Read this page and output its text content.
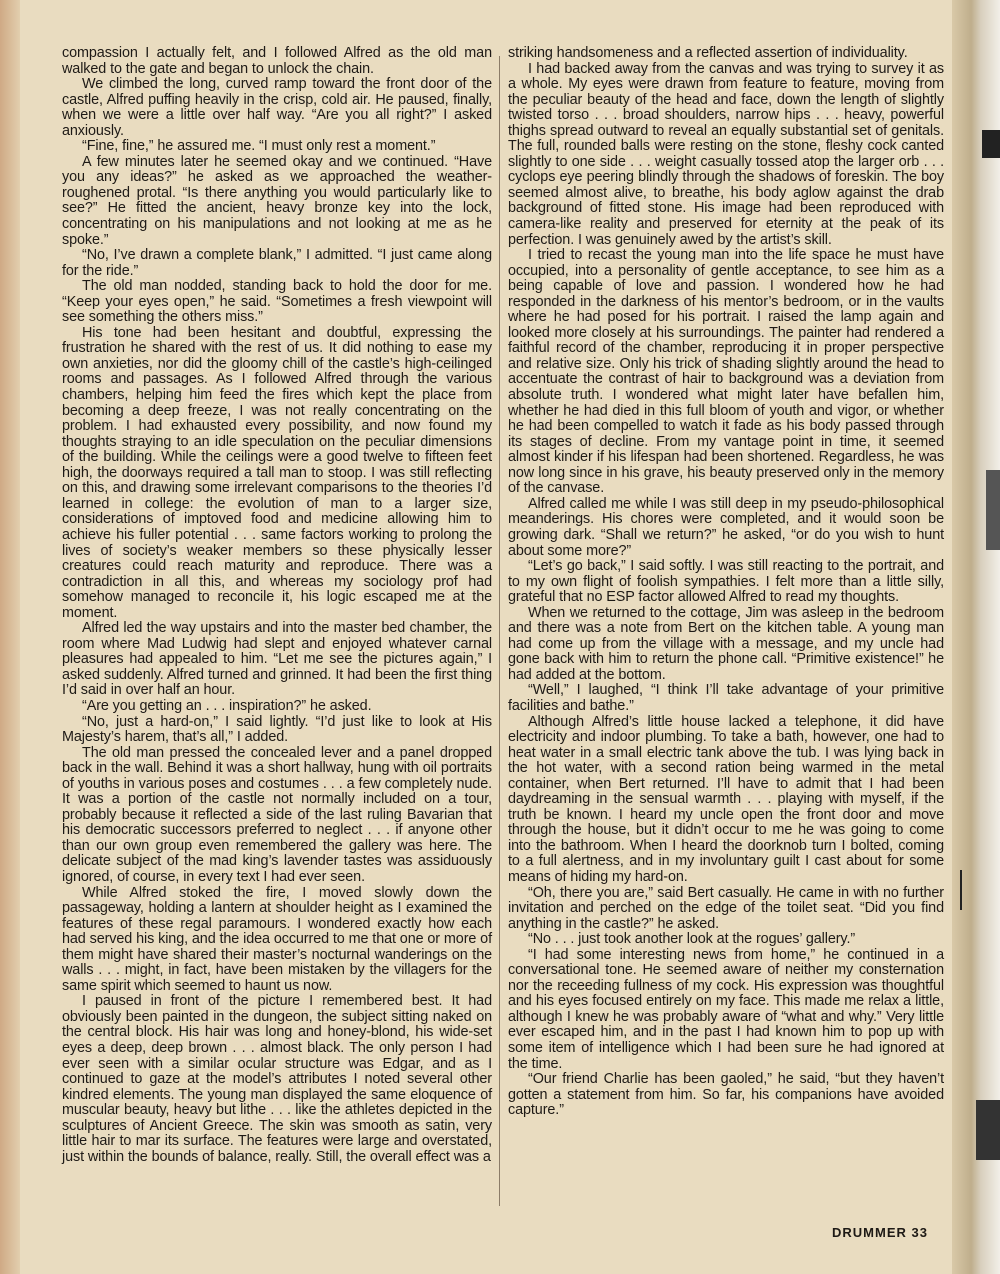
compassion I actually felt, and I followed Alfred as the old man walked to the gate and began to unlock the chain.

We climbed the long, curved ramp toward the front door of the castle, Alfred puffing heavily in the crisp, cold air. He paused, finally, when we were a little over half way. “Are you all right?” I asked anxiously.

“Fine, fine,” he assured me. “I must only rest a moment.”

A few minutes later he seemed okay and we continued. “Have you any ideas?” he asked as we approached the weather-roughened protal. “Is there anything you would particularly like to see?” He fitted the ancient, heavy bronze key into the lock, concentrating on his manipulations and not looking at me as he spoke.”

“No, I’ve drawn a complete blank,” I admitted. “I just came along for the ride.”

The old man nodded, standing back to hold the door for me. “Keep your eyes open,” he said. “Sometimes a fresh viewpoint will see something the others miss.”

His tone had been hesitant and doubtful, expressing the frustration he shared with the rest of us. It did nothing to ease my own anxieties, nor did the gloomy chill of the castle’s high-ceilinged rooms and passages. As I followed Alfred through the various chambers, helping him feed the fires which kept the place from becoming a deep freeze, I was not really concentrating on the problem. I had exhausted every possibility, and now found my thoughts straying to an idle speculation on the peculiar dimensions of the building. While the ceilings were a good twelve to fifteen feet high, the doorways required a tall man to stoop. I was still reflecting on this, and drawing some irrelevant comparisons to the theories I’d learned in college: the evolution of man to a larger size, considerations of imptoved food and medicine allowing him to achieve his fuller potential . . . same factors working to prolong the lives of society’s weaker members so these physically lesser creatures could reach maturity and reproduce. There was a contradiction in all this, and whereas my sociology prof had somehow managed to reconcile it, his logic escaped me at the moment.

Alfred led the way upstairs and into the master bed chamber, the room where Mad Ludwig had slept and enjoyed whatever carnal pleasures had appealed to him. “Let me see the pictures again,” I asked suddenly. Alfred turned and grinned. It had been the first thing I’d said in over half an hour.

“Are you getting an . . . inspiration?” he asked.

“No, just a hard-on,” I said lightly. “I’d just like to look at His Majesty’s harem, that’s all,” I added.

The old man pressed the concealed lever and a panel dropped back in the wall. Behind it was a short hallway, hung with oil portraits of youths in various poses and costumes . . . a few completely nude. It was a portion of the castle not normally included on a tour, probably because it reflected a side of the last ruling Bavarian that his democratic successors preferred to neglect . . . if anyone other than our own group even remembered the gallery was here. The delicate subject of the mad king’s lavender tastes was assiduously ignored, of course, in every text I had ever seen.

While Alfred stoked the fire, I moved slowly down the passageway, holding a lantern at shoulder height as I examined the features of these regal paramours. I wondered exactly how each had served his king, and the idea occurred to me that one or more of them might have shared their master’s nocturnal wanderings on the walls . . . might, in fact, have been mistaken by the villagers for the same spirit which seemed to haunt us now.

I paused in front of the picture I remembered best. It had obviously been painted in the dungeon, the subject sitting naked on the central block. His hair was long and honey-blond, his wide-set eyes a deep, deep brown . . . almost black. The only person I had ever seen with a similar ocular structure was Edgar, and as I continued to gaze at the model’s attributes I noted several other kindred elements. The young man displayed the same eloquence of muscular beauty, heavy but lithe . . . like the athletes depicted in the sculptures of Ancient Greece. The skin was smooth as satin, very little hair to mar its surface. The features were large and overstated, just within the bounds of balance, really. Still, the overall effect was a

striking handsomeness and a reflected assertion of individuality.

I had backed away from the canvas and was trying to survey it as a whole. My eyes were drawn from feature to feature, moving from the peculiar beauty of the head and face, down the length of slightly twisted torso . . . broad shoulders, narrow hips . . . heavy, powerful thighs spread outward to reveal an equally substantial set of genitals. The full, rounded balls were resting on the stone, fleshy cock canted slightly to one side . . . weight casually tossed atop the larger orb . . . cyclops eye peering blindly through the shadows of foreskin. The boy seemed almost alive, to breathe, his body aglow against the drab background of fitted stone. His image had been reproduced with camera-like reality and preserved for eternity at the peak of its perfection. I was genuinely awed by the artist’s skill.

I tried to recast the young man into the life space he must have occupied, into a personality of gentle acceptance, to see him as a being capable of love and passion. I wondered how he had responded in the darkness of his mentor’s bedroom, or in the vaults where he had posed for his portrait. I raised the lamp again and looked more closely at his surroundings. The painter had rendered a faithful record of the chamber, reproducing it in proper perspective and relative size. Only his trick of shading slightly around the head to accentuate the contrast of hair to background was a deviation from absolute truth. I wondered what might later have befallen him, whether he had died in this full bloom of youth and vigor, or whether he had been compelled to watch it fade as his body passed through its stages of decline. From my vantage point in time, it seemed almost kinder if his lifespan had been shortened. Regardless, he was now long since in his grave, his beauty preserved only in the memory of the canvase.

Alfred called me while I was still deep in my pseudo-philosophical meanderings. His chores were completed, and it would soon be growing dark. “Shall we return?” he asked, “or do you wish to hunt about some more?”

“Let’s go back,” I said softly. I was still reacting to the portrait, and to my own flight of foolish sympathies. I felt more than a little silly, grateful that no ESP factor allowed Alfred to read my thoughts.

When we returned to the cottage, Jim was asleep in the bedroom and there was a note from Bert on the kitchen table. A young man had come up from the village with a message, and my uncle had gone back with him to return the phone call. “Primitive existence!” he had added at the bottom.

“Well,” I laughed, “I think I’ll take advantage of your primitive facilities and bathe.”

Although Alfred’s little house lacked a telephone, it did have electricity and indoor plumbing. To take a bath, however, one had to heat water in a small electric tank above the tub. I was lying back in the hot water, with a second ration being warmed in the metal container, when Bert returned. I’ll have to admit that I had been daydreaming in the sensual warmth . . . playing with myself, if the truth be known. I heard my uncle open the front door and move through the house, but it didn’t occur to me he was going to come into the bathroom. When I heard the doorknob turn I bolted, coming to a full alertness, and in my involuntary guilt I cast about for some means of hiding my hard-on.

“Oh, there you are,” said Bert casually. He came in with no further invitation and perched on the edge of the toilet seat. “Did you find anything in the castle?” he asked.

“No . . . just took another look at the rogues’ gallery.”

“I had some interesting news from home,” he continued in a conversational tone. He seemed aware of neither my consternation nor the receeding fullness of my cock. His expression was thoughtful and his eyes focused entirely on my face. This made me relax a little, although I knew he was probably aware of “what and why.” Very little ever escaped him, and in the past I had known him to pop up with some item of intelligence which I had been sure he had ignored at the time.

“Our friend Charlie has been gaoled,” he said, “but they haven’t gotten a statement from him. So far, his companions have avoided capture.”

DRUMMER 33
